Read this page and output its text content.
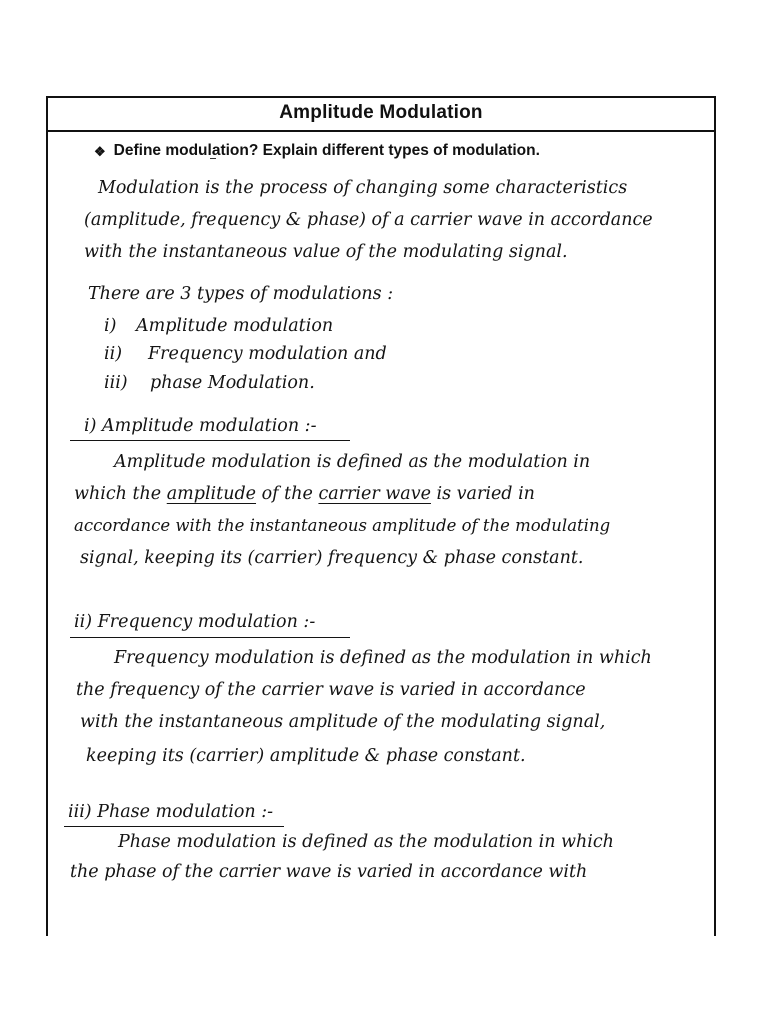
Amplitude Modulation
❖ Define modulation? Explain different types of modulation.
Modulation is the process of changing some characteristics
(amplitude, frequency & phase) of a carrier wave in accordance
with the instantaneous value of the modulating signal.
There are 3 types of modulations :
i) Amplitude modulation
ii) Frequency modulation and
iii) phase Modulation.
i) Amplitude modulation :-
Amplitude modulation is defined as the modulation in
which the amplitude of the carrier wave is varied in
accordance with the instantaneous amplitude of the modulating
signal, keeping its (carrier) frequency & phase constant.
ii) Frequency modulation :-
Frequency modulation is defined as the modulation in which
the frequency of the carrier wave is varied in accordance
with the instantaneous amplitude of the modulating signal,
keeping its (carrier) amplitude & phase constant.
iii) Phase modulation :-
Phase modulation is defined as the modulation in which
the phase of the carrier wave is varied in accordance with
